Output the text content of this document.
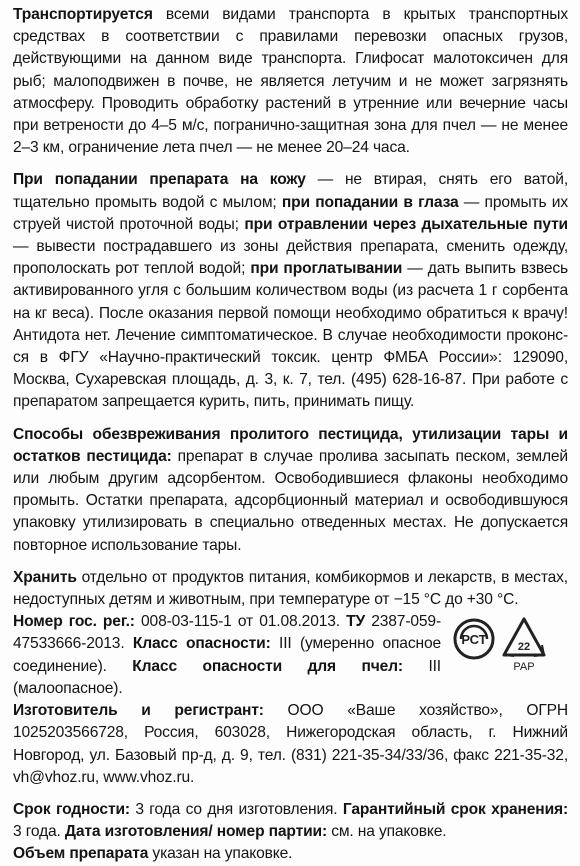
Транспортируется всеми видами транспорта в крытых транспортных средствах в соответствии с правилами перевозки опасных грузов, действующими на данном виде транспорта. Глифосат малотоксичен для рыб; малоподвижен в почве, не является летучим и не может загрязнять атмосферу. Проводить обработку растений в утренние или вечерние часы при ветрености до 4–5 м/с, погранично-защитная зона для пчел — не менее 2–3 км, ограничение лета пчел — не менее 20–24 часа.

При попадании препарата на кожу — не втирая, снять его ватой, тщательно промыть водой с мылом; при попадании в глаза — промыть их струей чистой проточной воды; при отравлении через дыхательные пути — вывести пострадавшего из зоны действия препарата, сменить одежду, прополоскать рот теплой водой; при проглатывании — дать выпить взвесь активированного угля с большим количеством воды (из расчета 1 г сорбента на кг веса). После оказания первой помощи необходимо обратиться к врачу! Антидота нет. Лечение симптоматическое. В случае необходимости проконс-ся в ФГУ «Научно-практический токсик. центр ФМБА России»: 129090, Москва, Сухаревская площадь, д. 3, к. 7, тел. (495) 628-16-87. При работе с препаратом запрещается курить, пить, принимать пищу.

Способы обезвреживания пролитого пестицида, утилизации тары и остатков пестицида: препарат в случае пролива засыпать песком, землей или любым другим адсорбентом. Освободившиеся флаконы необходимо промыть. Остатки препарата, адсорбционный материал и освободившуюся упаковку утилизировать в специально отведенных местах. Не допускается повторное использование тары.

Хранить отдельно от продуктов питания, комбикормов и лекарств, в местах, недоступных детям и животным, при температуре от −15 °С до +30 °С.

Номер гос. рег.: 008-03-115-1 от 01.08.2013. ТУ 2387-059-47533666-2013. Класс опасности: III (умеренно опасное соединение). Класс опасности для пчел: III (малоопасное).

РСТ	22
PAP

Изготовитель и регистрант: ООО «Ваше хозяйство», ОГРН 1025203566728, Россия, 603028, Нижегородская область, г. Нижний Новгород, ул. Базовый пр-д, д. 9, тел. (831) 221-35-34/33/36, факс 221-35-32, vh@vhoz.ru, www.vhoz.ru.

Срок годности: 3 года со дня изготовления. Гарантийный срок хранения: 3 года. Дата изготовления/ номер партии: см. на упаковке.

Объем препарата указан на упаковке.
